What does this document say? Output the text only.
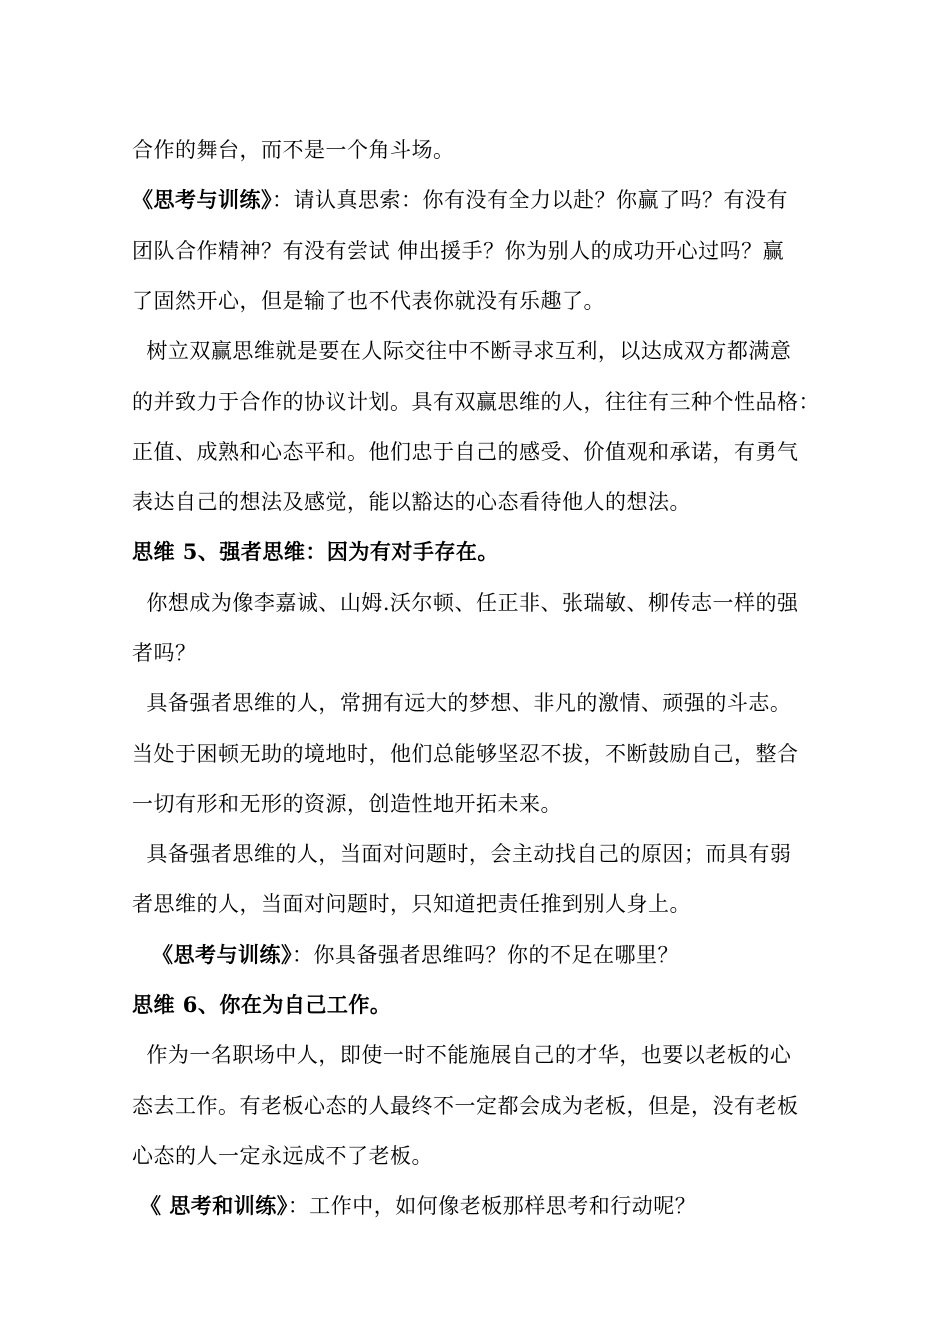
合作的舞台，而不是一个角斗场。
《思考与训练》：请认真思索：你有没有全力以赴？你赢了吗？有没有
团队合作精神？有没有尝试 伸出援手？你为别人的成功开心过吗？赢
了固然开心，但是输了也不代表你就没有乐趣了。
树立双赢思维就是要在人际交往中不断寻求互利，以达成双方都满意
的并致力于合作的协议计划。具有双赢思维的人，往往有三种个性品格：
正值、成熟和心态平和。他们忠于自己的感受、价值观和承诺，有勇气
表达自己的想法及感觉，能以豁达的心态看待他人的想法。
思维 5、强者思维：因为有对手存在。
你想成为像李嘉诚、山姆.沃尔顿、任正非、张瑞敏、柳传志一样的强
者吗？
具备强者思维的人，常拥有远大的梦想、非凡的激情、顽强的斗志。
当处于困顿无助的境地时，他们总能够坚忍不拔，不断鼓励自己，整合
一切有形和无形的资源，创造性地开拓未来。
具备强者思维的人，当面对问题时，会主动找自己的原因；而具有弱
者思维的人，当面对问题时，只知道把责任推到别人身上。
《思考与训练》：你具备强者思维吗？你的不足在哪里？
思维 6、你在为自己工作。
作为一名职场中人，即使一时不能施展自己的才华，也要以老板的心
态去工作。有老板心态的人最终不一定都会成为老板，但是，没有老板
心态的人一定永远成不了老板。
《 思考和训练》：工作中，如何像老板那样思考和行动呢？
